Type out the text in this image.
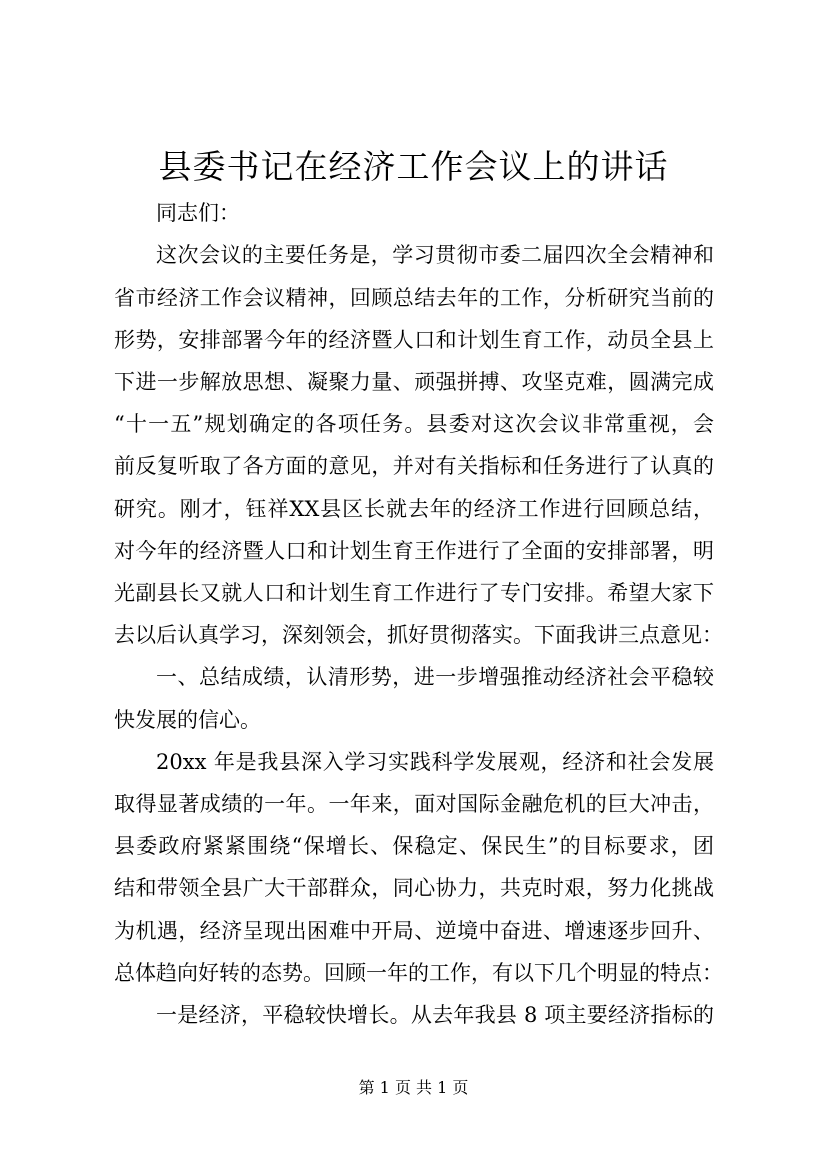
县委书记在经济工作会议上的讲话
同志们：
这次会议的主要任务是，学习贯彻市委二届四次全会精神和
省市经济工作会议精神，回顾总结去年的工作，分析研究当前的
形势，安排部署今年的经济暨人口和计划生育工作，动员全县上
下进一步解放思想、凝聚力量、顽强拼搏、攻坚克难，圆满完成
“十一五”规划确定的各项任务。县委对这次会议非常重视，会
前反复听取了各方面的意见，并对有关指标和任务进行了认真的
研究。刚才，钰祥XX县区长就去年的经济工作进行回顾总结，
对今年的经济暨人口和计划生育王作进行了全面的安排部署，明
光副县长又就人口和计划生育工作进行了专门安排。希望大家下
去以后认真学习，深刻领会，抓好贯彻落实。下面我讲三点意见：
一、总结成绩，认清形势，进一步增强推动经济社会平稳较
快发展的信心。
20xx 年是我县深入学习实践科学发展观，经济和社会发展
取得显著成绩的一年。一年来，面对国际金融危机的巨大冲击，
县委政府紧紧围绕“保增长、保稳定、保民生”的目标要求，团
结和带领全县广大干部群众，同心协力，共克时艰，努力化挑战
为机遇，经济呈现出困难中开局、逆境中奋进、增速逐步回升、
总体趋向好转的态势。回顾一年的工作，有以下几个明显的特点：
一是经济，平稳较快增长。从去年我县 8 项主要经济指标的
第 1 页 共 1 页
